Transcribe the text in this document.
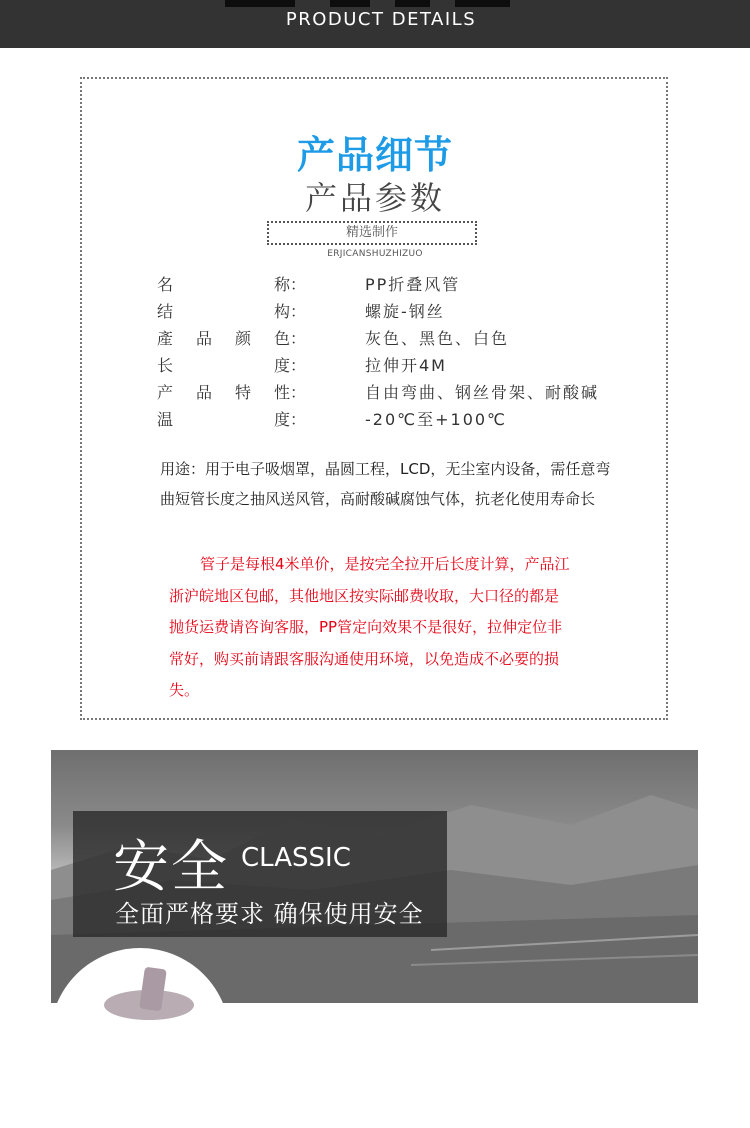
PRODUCT DETAILS
产品细节
产品参数
精选制作
ERJICANSHUZHIZUO
名	称：	PP折叠风管
结	构：	螺旋-钢丝
產 品 颜 色：	灰色、黑色、白色
长	度：	拉伸开4M
产 品 特 性：	自由弯曲、钢丝骨架、耐酸碱
温	度：	-20℃至+100℃
用途：用于电子吸烟罩，晶圆工程，LCD，无尘室内设备，需任意弯
曲短管长度之抽风送风管，高耐酸碱腐蚀气体，抗老化使用寿命长
管子是每根4米单价，是按完全拉开后长度计算，产品江
浙沪皖地区包邮，其他地区按实际邮费收取，大口径的都是
抛货运费请咨询客服，PP管定向效果不是很好，拉伸定位非
常好，购买前请跟客服沟通使用环境，以免造成不必要的损
失。
安全 CLASSIC
全面严格要求 确保使用安全
